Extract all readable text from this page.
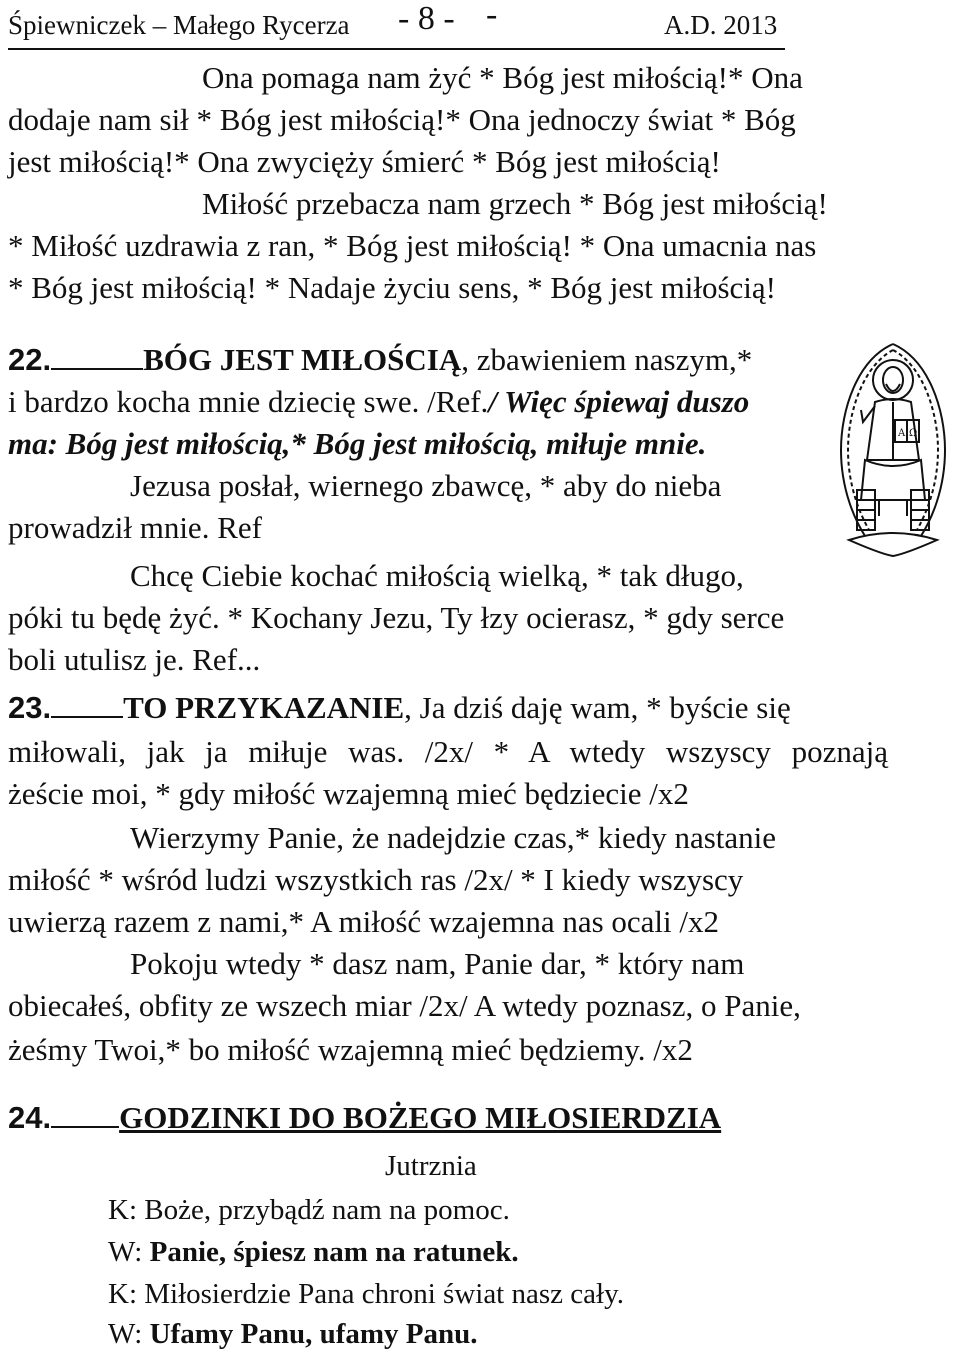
Śpiewniczek – Małego Rycerza - 8 - -	A.D. 2013
Ona pomaga nam żyć * Bóg jest miłością!* Ona
dodaje nam sił * Bóg jest miłością!* Ona jednoczy świat * Bóg
jest miłością!* Ona zwycięży śmierć * Bóg jest miłością!
Miłość przebacza nam grzech * Bóg jest miłością!
* Miłość uzdrawia z ran, * Bóg jest miłością! * Ona umacnia nas
* Bóg jest miłością! * Nadaje życiu sens, * Bóg jest miłością!
22.	BÓG JEST MIŁOŚCIĄ, zbawieniem naszym,*
i bardzo kocha mnie dziecię swe. /Ref./ Więc śpiewaj duszo
ma: Bóg jest miłością,* Bóg jest miłością, miłuje mnie.
Jezusa posłał, wiernego zbawcę, * aby do nieba
prowadził mnie. Ref
Chcę Ciebie kochać miłością wielką, * tak długo,
póki tu będę żyć. * Kochany Jezu, Ty łzy ocierasz, * gdy serce
boli utulisz je. Ref...
A Ω
23. TO PRZYKAZANIE, Ja dziś daję wam, * byście się
miłowali, jak ja miłuje was. /2x/ * A wtedy wszyscy poznają
żeście moi, * gdy miłość wzajemną mieć będziecie /x2
Wierzymy Panie, że nadejdzie czas,* kiedy nastanie
miłość * wśród ludzi wszystkich ras /2x/ * I kiedy wszyscy
uwierzą razem z nami,* A miłość wzajemna nas ocali /x2
Pokoju wtedy * dasz nam, Panie dar, * który nam
obiecałeś, obfity ze wszech miar /2x/ A wtedy poznasz, o Panie,
żeśmy Twoi,* bo miłość wzajemną mieć będziemy. /x2
24. GODZINKI DO BOŻEGO MIŁOSIERDZIA
Jutrznia
K: Boże, przybądź nam na pomoc.
W: Panie, śpiesz nam na ratunek.
K: Miłosierdzie Pana chroni świat nasz cały.
W: Ufamy Panu, ufamy Panu.
